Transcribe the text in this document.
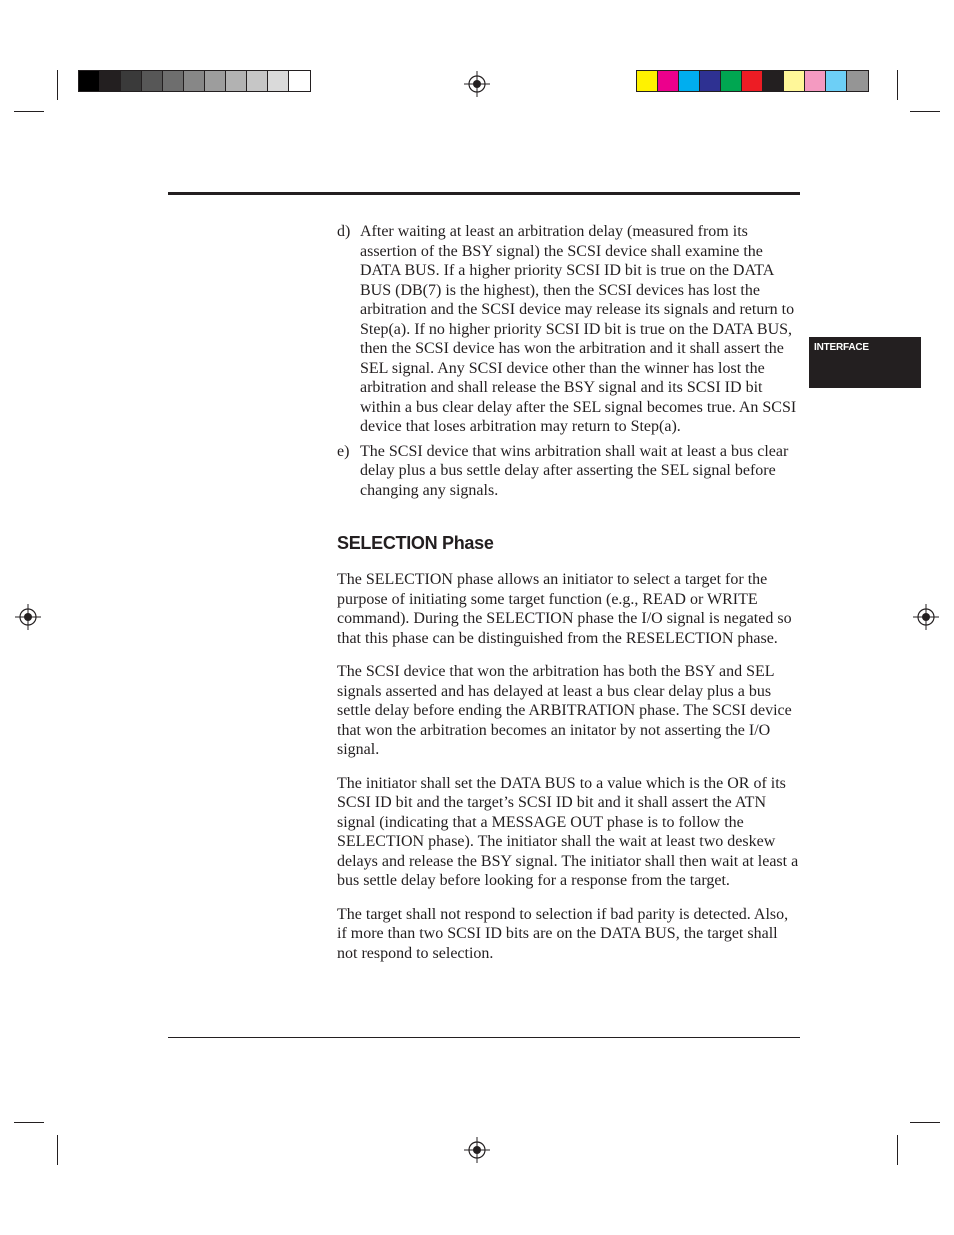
INTERFACE
d) After waiting at least an arbitration delay (measured from its assertion of the BSY signal) the SCSI device shall examine the DATA BUS. If a higher priority SCSI ID bit is true on the DATA BUS (DB(7) is the highest), then the SCSI devices has lost the arbitration and the SCSI device may release its signals and return to Step(a). If no higher priority SCSI ID bit is true on the DATA BUS, then the SCSI device has won the arbitration and it shall assert the SEL signal. Any SCSI device other than the winner has lost the arbitration and shall release the BSY signal and its SCSI ID bit within a bus clear delay after the SEL signal becomes true. An SCSI device that loses arbitration may return to Step(a).
e) The SCSI device that wins arbitration shall wait at least a bus clear delay plus a bus settle delay after asserting the SEL signal before changing any signals.
SELECTION Phase

The SELECTION phase allows an initiator to select a target for the purpose of initiating some target function (e.g., READ or WRITE command). During the SELECTION phase the I/O signal is negated so that this phase can be distinguished from the RESELECTION phase.

The SCSI device that won the arbitration has both the BSY and SEL signals asserted and has delayed at least a bus clear delay plus a bus settle delay before ending the ARBITRATION phase. The SCSI device that won the arbitration becomes an initator by not asserting the I/O signal.

The initiator shall set the DATA BUS to a value which is the OR of its SCSI ID bit and the target’s SCSI ID bit and it shall assert the ATN signal (indicating that a MESSAGE OUT phase is to follow the SELECTION phase). The initiator shall the wait at least two deskew delays and release the BSY signal. The initiator shall then wait at least a bus settle delay before looking for a response from the target.

The target shall not respond to selection if bad parity is detected. Also, if more than two SCSI ID bits are on the DATA BUS, the target shall not respond to selection.
